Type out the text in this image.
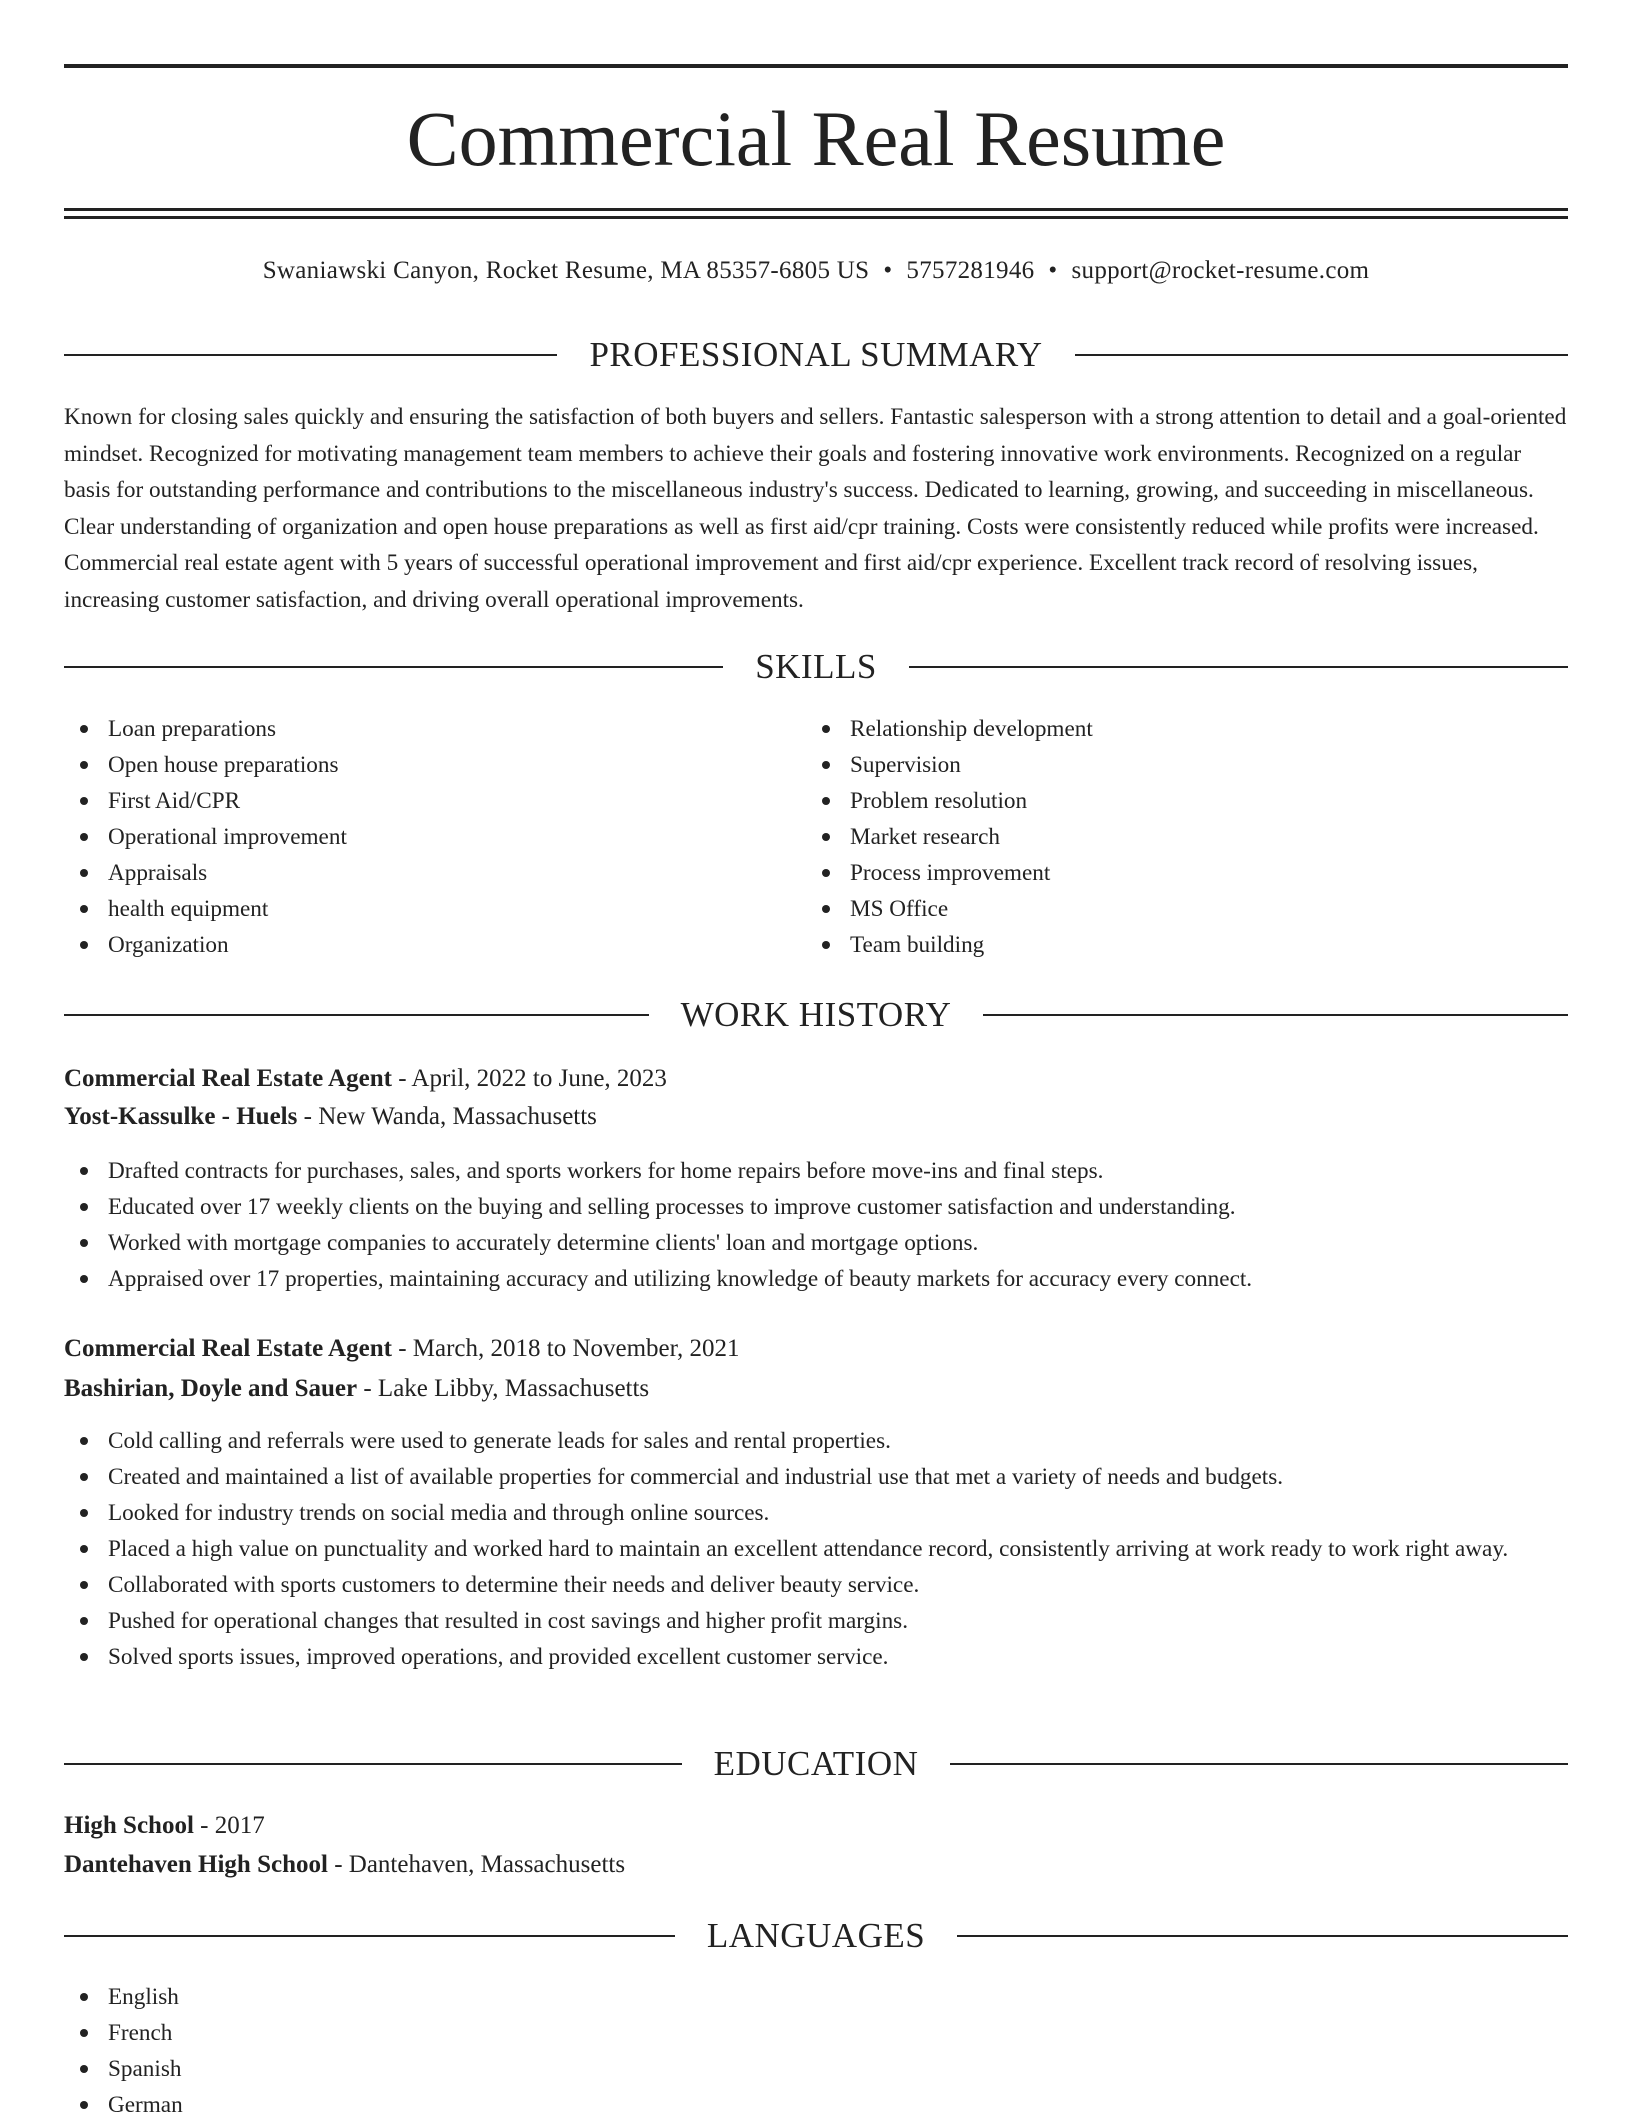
Commercial Real Resume
Swaniawski Canyon, Rocket Resume, MA 85357-6805 US • 5757281946 • support@rocket-resume.com
PROFESSIONAL SUMMARY

Known for closing sales quickly and ensuring the satisfaction of both buyers and sellers. Fantastic salesperson with a strong attention to detail and a goal-oriented mindset. Recognized for motivating management team members to achieve their goals and fostering innovative work environments. Recognized on a regular basis for outstanding performance and contributions to the miscellaneous industry's success. Dedicated to learning, growing, and succeeding in miscellaneous. Clear understanding of organization and open house preparations as well as first aid/cpr training. Costs were consistently reduced while profits were increased. Commercial real estate agent with 5 years of successful operational improvement and first aid/cpr experience. Excellent track record of resolving issues, increasing customer satisfaction, and driving overall operational improvements.

SKILLS
Loan preparations
Open house preparations
First Aid/CPR
Operational improvement
Appraisals
health equipment
Organization
Relationship development
Supervision
Problem resolution
Market research
Process improvement
MS Office
Team building
WORK HISTORY
Commercial Real Estate Agent - April, 2022 to June, 2023
Yost-Kassulke - Huels - New Wanda, Massachusetts
Drafted contracts for purchases, sales, and sports workers for home repairs before move-ins and final steps.
Educated over 17 weekly clients on the buying and selling processes to improve customer satisfaction and understanding.
Worked with mortgage companies to accurately determine clients' loan and mortgage options.
Appraised over 17 properties, maintaining accuracy and utilizing knowledge of beauty markets for accuracy every connect.
Commercial Real Estate Agent - March, 2018 to November, 2021
Bashirian, Doyle and Sauer - Lake Libby, Massachusetts
Cold calling and referrals were used to generate leads for sales and rental properties.
Created and maintained a list of available properties for commercial and industrial use that met a variety of needs and budgets.
Looked for industry trends on social media and through online sources.
Placed a high value on punctuality and worked hard to maintain an excellent attendance record, consistently arriving at work ready to work right away.
Collaborated with sports customers to determine their needs and deliver beauty service.
Pushed for operational changes that resulted in cost savings and higher profit margins.
Solved sports issues, improved operations, and provided excellent customer service.
EDUCATION
High School - 2017
Dantehaven High School - Dantehaven, Massachusetts
LANGUAGES
English
French
Spanish
German
